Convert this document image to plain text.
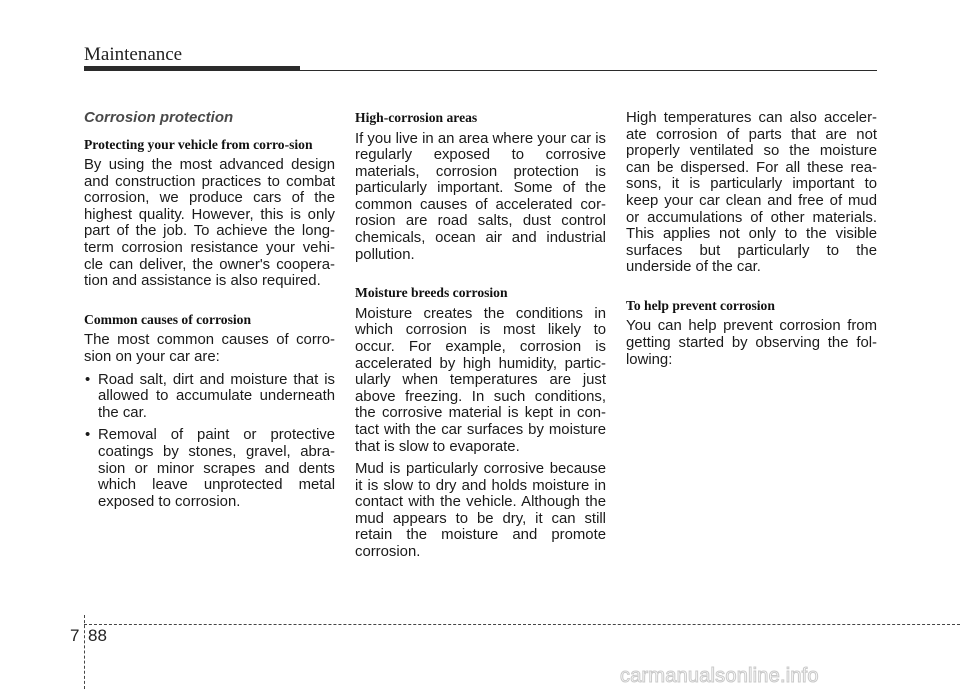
Maintenance
Corrosion protection
Protecting your vehicle from corro-sion

By using the most advanced design and construction practices to combat corrosion, we produce cars of the highest quality. However, this is only part of the job. To achieve the long-term corrosion resistance your vehi-cle can deliver, the owner's coopera-tion and assistance is also required.

Common causes of corrosion

The most common causes of corro-sion on your car are:

• Road salt, dirt and moisture that is allowed to accumulate underneath the car.
• Removal of paint or protective coatings by stones, gravel, abra-sion or minor scrapes and dents which leave unprotected metal exposed to corrosion.
High-corrosion areas

If you live in an area where your car is regularly exposed to corrosive materials, corrosion protection is particularly important. Some of the common causes of accelerated cor-rosion are road salts, dust control chemicals, ocean air and industrial pollution.

Moisture breeds corrosion

Moisture creates the conditions in which corrosion is most likely to occur. For example, corrosion is accelerated by high humidity, partic-ularly when temperatures are just above freezing. In such conditions, the corrosive material is kept in con-tact with the car surfaces by moisture that is slow to evaporate.

Mud is particularly corrosive because it is slow to dry and holds moisture in contact with the vehicle. Although the mud appears to be dry, it can still retain the moisture and promote corrosion.

High temperatures can also acceler-ate corrosion of parts that are not properly ventilated so the moisture can be dispersed. For all these rea-sons, it is particularly important to keep your car clean and free of mud or accumulations of other materials. This applies not only to the visible surfaces but particularly to the underside of the car.

To help prevent corrosion

You can help prevent corrosion from getting started by observing the fol-lowing:

7 88
carmanualsonline.info
